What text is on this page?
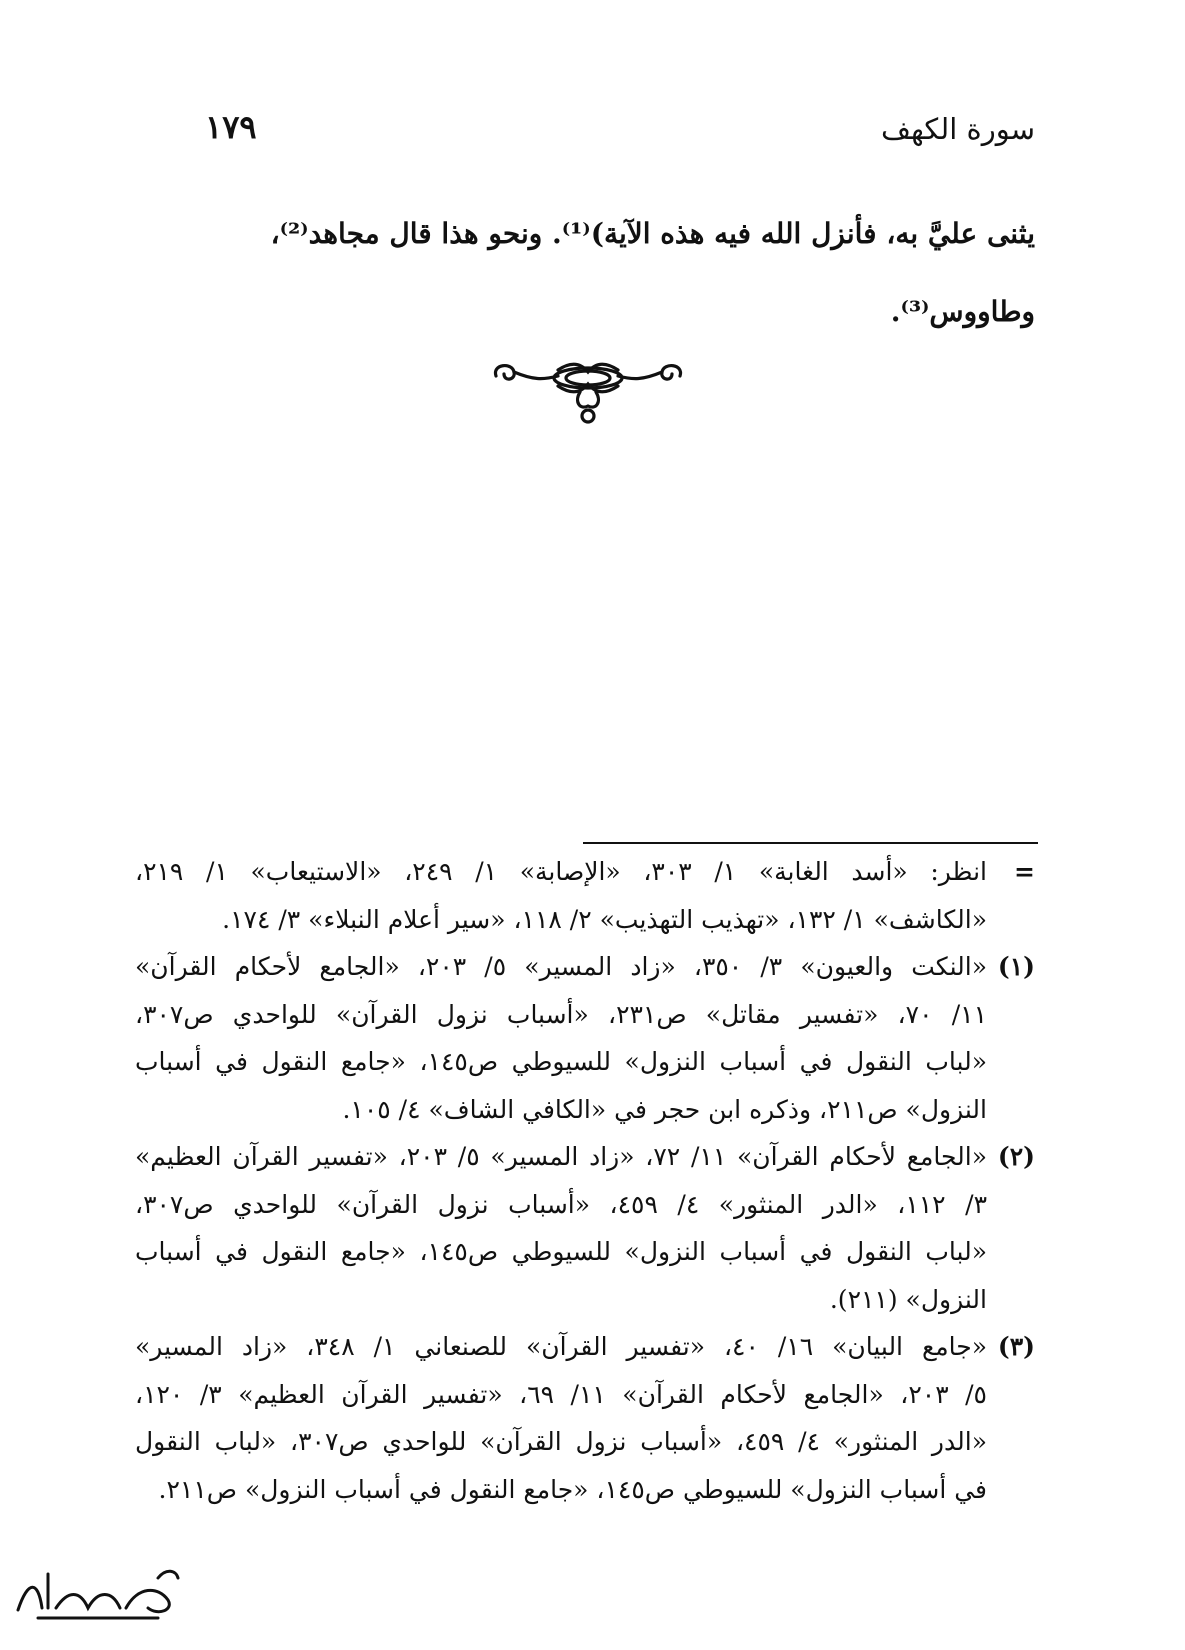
١٧٩	سورة الكهف

يثنى عليَّ به، فأنزل الله فيه هذه الآية)⁽¹⁾. ونحو هذا قال مجاهد⁽²⁾،

وطاووس⁽³⁾.

=
انظر: «أسد الغابة» ١/ ٣٠٣، «الإصابة» ١/ ٢٤٩، «الاستيعاب» ١/ ٢١٩،
«الكاشف» ١/ ١٣٢، «تهذيب التهذيب» ٢/ ١١٨، «سير أعلام النبلاء» ٣/ ١٧٤.
(١)
«النكت والعيون» ٣/ ٣٥٠، «زاد المسير» ٥/ ٢٠٣، «الجامع لأحكام القرآن»
١١/ ٧٠، «تفسير مقاتل» ص٢٣١، «أسباب نزول القرآن» للواحدي ص٣٠٧،
«لباب النقول في أسباب النزول» للسيوطي ص١٤٥، «جامع النقول في أسباب
النزول» ص٢١١، وذكره ابن حجر في «الكافي الشاف» ٤/ ١٠٥.
(٢)
«الجامع لأحكام القرآن» ١١/ ٧٢، «زاد المسير» ٥/ ٢٠٣، «تفسير القرآن العظيم»
٣/ ١١٢، «الدر المنثور» ٤/ ٤٥٩، «أسباب نزول القرآن» للواحدي ص٣٠٧،
«لباب النقول في أسباب النزول» للسيوطي ص١٤٥، «جامع النقول في أسباب
النزول» (٢١١).
(٣)
«جامع البيان» ١٦/ ٤٠، «تفسير القرآن» للصنعاني ١/ ٣٤٨، «زاد المسير»
٥/ ٢٠٣، «الجامع لأحكام القرآن» ١١/ ٦٩، «تفسير القرآن العظيم» ٣/ ١٢٠،
«الدر المنثور» ٤/ ٤٥٩، «أسباب نزول القرآن» للواحدي ص٣٠٧، «لباب النقول
في أسباب النزول» للسيوطي ص١٤٥، «جامع النقول في أسباب النزول» ص٢١١.
